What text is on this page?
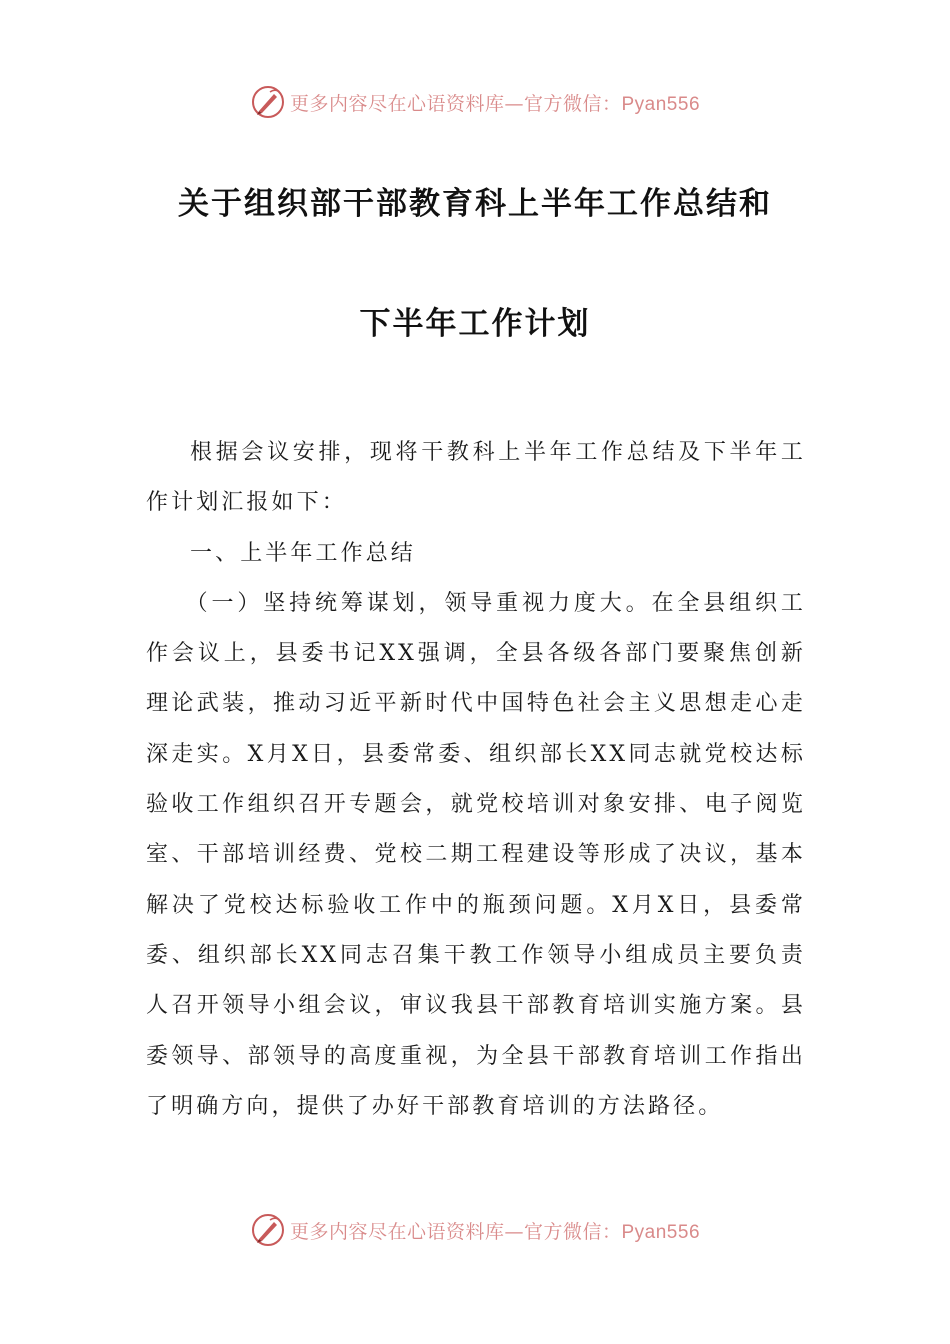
更多内容尽在心语资料库—官方微信：Pyan556
关于组织部干部教育科上半年工作总结和
下半年工作计划

根据会议安排，现将干教科上半年工作总结及下半年工作计划汇报如下：

一、上半年工作总结

（一）坚持统筹谋划，领导重视力度大。在全县组织工作会议上，县委书记XX强调，全县各级各部门要聚焦创新理论武装，推动习近平新时代中国特色社会主义思想走心走深走实。X月X日，县委常委、组织部长XX同志就党校达标验收工作组织召开专题会，就党校培训对象安排、电子阅览室、干部培训经费、党校二期工程建设等形成了决议，基本解决了党校达标验收工作中的瓶颈问题。X月X日，县委常委、组织部长XX同志召集干教工作领导小组成员主要负责人召开领导小组会议，审议我县干部教育培训实施方案。县委领导、部领导的高度重视，为全县干部教育培训工作指出了明确方向，提供了办好干部教育培训的方法路径。

更多内容尽在心语资料库—官方微信：Pyan556
